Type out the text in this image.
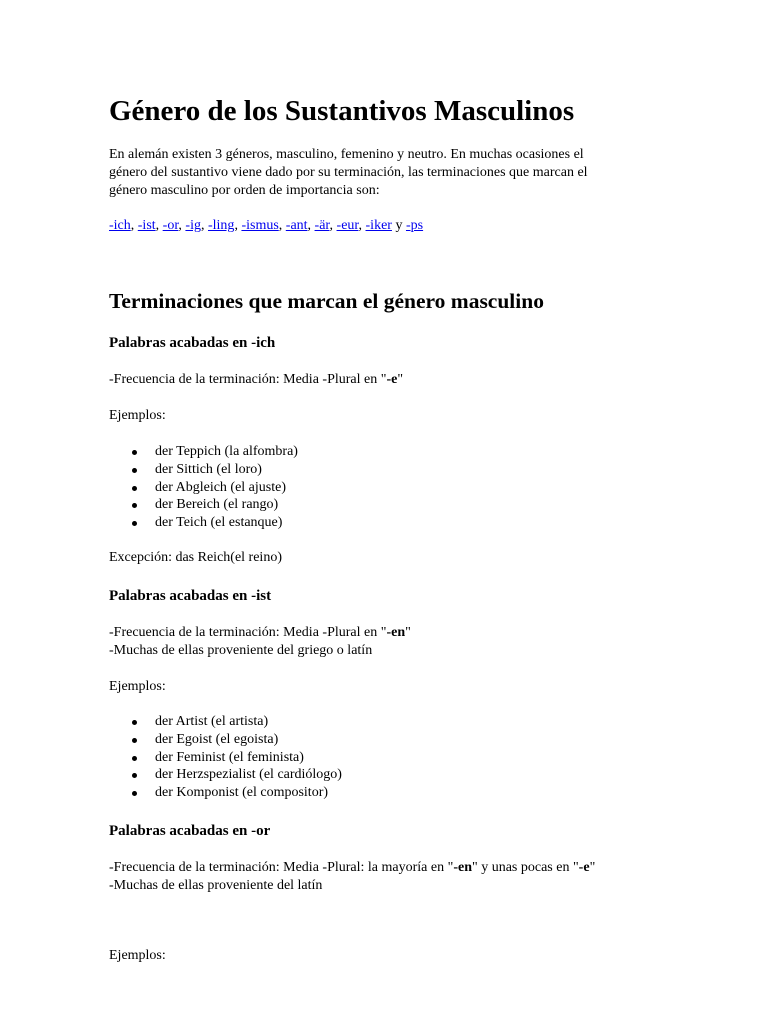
Género de los Sustantivos Masculinos
En alemán existen 3 géneros, masculino, femenino y neutro. En muchas ocasiones el
género del sustantivo viene dado por su terminación, las terminaciones que marcan el
género masculino por orden de importancia son:
-ich, -ist, -or, -ig, -ling, -ismus, -ant, -är, -eur, -iker y -ps
Terminaciones que marcan el género masculino
Palabras acabadas en -ich
-Frecuencia de la terminación: Media -Plural en "-e"
Ejemplos:
der Teppich (la alfombra)
der Sittich (el loro)
der Abgleich (el ajuste)
der Bereich (el rango)
der Teich (el estanque)
Excepción: das Reich(el reino)
Palabras acabadas en -ist
-Frecuencia de la terminación: Media -Plural en "-en"
-Muchas de ellas proveniente del griego o latín
Ejemplos:
der Artist (el artista)
der Egoist (el egoista)
der Feminist (el feminista)
der Herzspezialist (el cardiólogo)
der Komponist (el compositor)
Palabras acabadas en -or
-Frecuencia de la terminación: Media -Plural: la mayoría en "-en" y unas pocas en "-e"
-Muchas de ellas proveniente del latín
Ejemplos:
